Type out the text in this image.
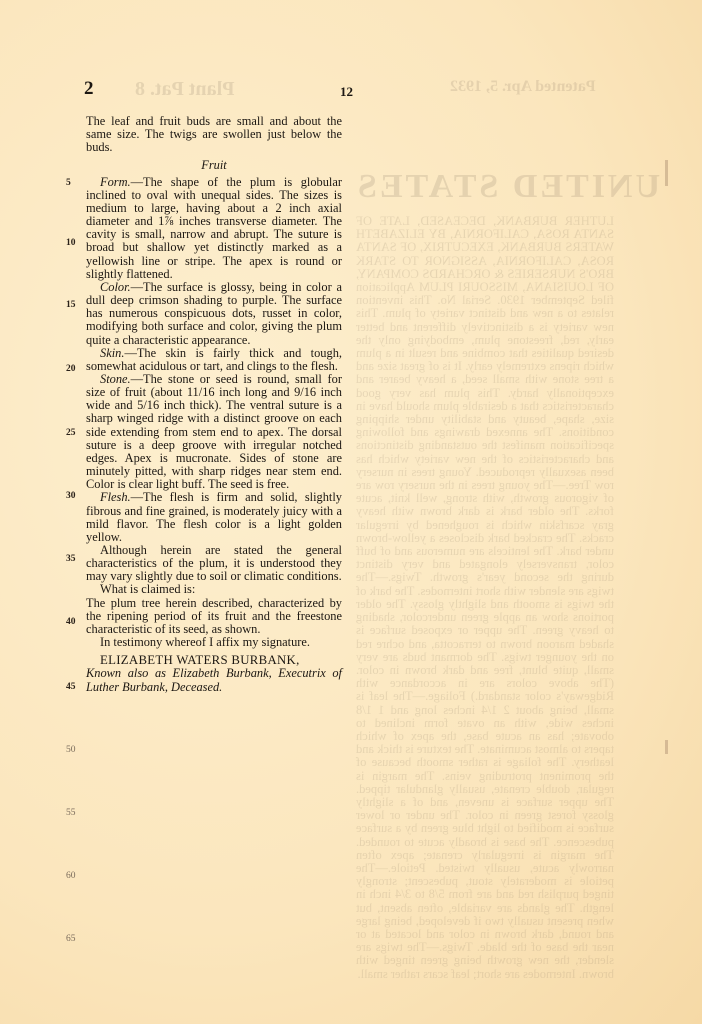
2	12
Plant Pat. 8	Patented Apr. 5, 1932
UNITED STATES
LUTHER BURBANK, DECEASED, LATE OF SANTA ROSA, CALIFORNIA, BY ELIZABETH WATERS BURBANK, EXECUTRIX, OF SANTA ROSA, CALIFORNIA, ASSIGNOR TO STARK BRO'S NURSERIES & ORCHARDS COMPANY, OF LOUISIANA, MISSOURI PLUM Application filed September 1930. Serial No. This invention relates to a new and distinct variety of plum. This new variety is a distinctively different and better early, red, freestone plum, embodying only the desired qualities that combine and result in a plum which ripens extremely early. It is of great size and a tree stone with small seed, a heavy bearer and exceptionally hardy. This plum has very good characteristics that a desirable plum should have in size, shape, beauty and stability under shipping conditions. The annexed drawings and following specification manifest the outstanding distinctions and characteristics of the new variety which has been asexually reproduced. Young trees in nursery row Tree.—The young trees in the nursery row are of vigorous growth, with strong, well knit, acute forks. The older bark is dark brown with heavy gray scarfskin which is roughened by irregular cracks. The cracked bark discloses a yellow-brown under bark. The lenticels are numerous and of buff color, transversely elongated and very distinct during the second year's growth. Twigs.—The twigs are slender with short internodes. The bark of the twigs is smooth and slightly glossy. The older portions show an apple green undercolor, shading to heavy green. The upper or exposed surface is shaded maroon brown to terracotta, and ochre red on the younger twigs. The dormant buds are very small, quite blunt, free and dark brown in color. (The above colors are in accordance with Ridgeway's color standard.) Foliage.—The leaf is small, being about 2 1/4 inches long and 1 1/8 inches wide, with an ovate form inclined to obovate; has an acute base, the apex of which tapers to almost acuminate. The texture is thick and leathery. The foliage is rather smooth because of the prominent protruding veins. The margin is regular, double crenate, usually glandular tipped. The upper surface is uneven, and of a slightly glossy forest green in color. The under or lower surface is modified to light blue green by a surface pubescence. The base is broadly acute to rounded. The margin is irregularly crenate; apex often narrowly acute, usually twisted. Petiole.—The petiole is moderately stout, pubescent; strongly tinged purplish red and are from 5/8 to 3/4 inch in length. The glands are variable, often absent, but when present usually two if developed, being large and round, dark brown in color and located at or near the base of the blade. Twigs.—The twigs are slender, the new growth being green tinged with brown. Internodes are short; leaf scars rather small.
5
10
15
20
25
30
35
40
45
50
55
60
65

The leaf and fruit buds are small and about the same size. The twigs are swollen just below the buds.

Fruit

Form.—The shape of the plum is globular inclined to oval with unequal sides. The sizes is medium to large, having about a 2 inch axial diameter and 1⅞ inches transverse diameter. The cavity is small, narrow and abrupt. The suture is broad but shallow yet distinctly marked as a yellowish line or stripe. The apex is round or slightly flattened.

Color.—The surface is glossy, being in color a dull deep crimson shading to purple. The surface has numerous conspicuous dots, russet in color, modifying both surface and color, giving the plum quite a characteristic appearance.

Skin.—The skin is fairly thick and tough, somewhat acidulous or tart, and clings to the flesh.

Stone.—The stone or seed is round, small for size of fruit (about 11/16 inch long and 9/16 inch wide and 5/16 inch thick). The ventral suture is a sharp winged ridge with a distinct groove on each side extending from stem end to apex. The dorsal suture is a deep groove with irregular notched edges. Apex is mucronate. Sides of stone are minutely pitted, with sharp ridges near stem end. Color is clear light buff. The seed is free.

Flesh.—The flesh is firm and solid, slightly fibrous and fine grained, is moderately juicy with a mild flavor. The flesh color is a light golden yellow.

Although herein are stated the general characteristics of the plum, it is understood they may vary slightly due to soil or climatic conditions.

What is claimed is:

The plum tree herein described, characterized by the ripening period of its fruit and the freestone characteristic of its seed, as shown.

In testimony whereof I affix my signature.

ELIZABETH WATERS BURBANK,

Known also as Elizabeth Burbank, Executrix of Luther Burbank, Deceased.
